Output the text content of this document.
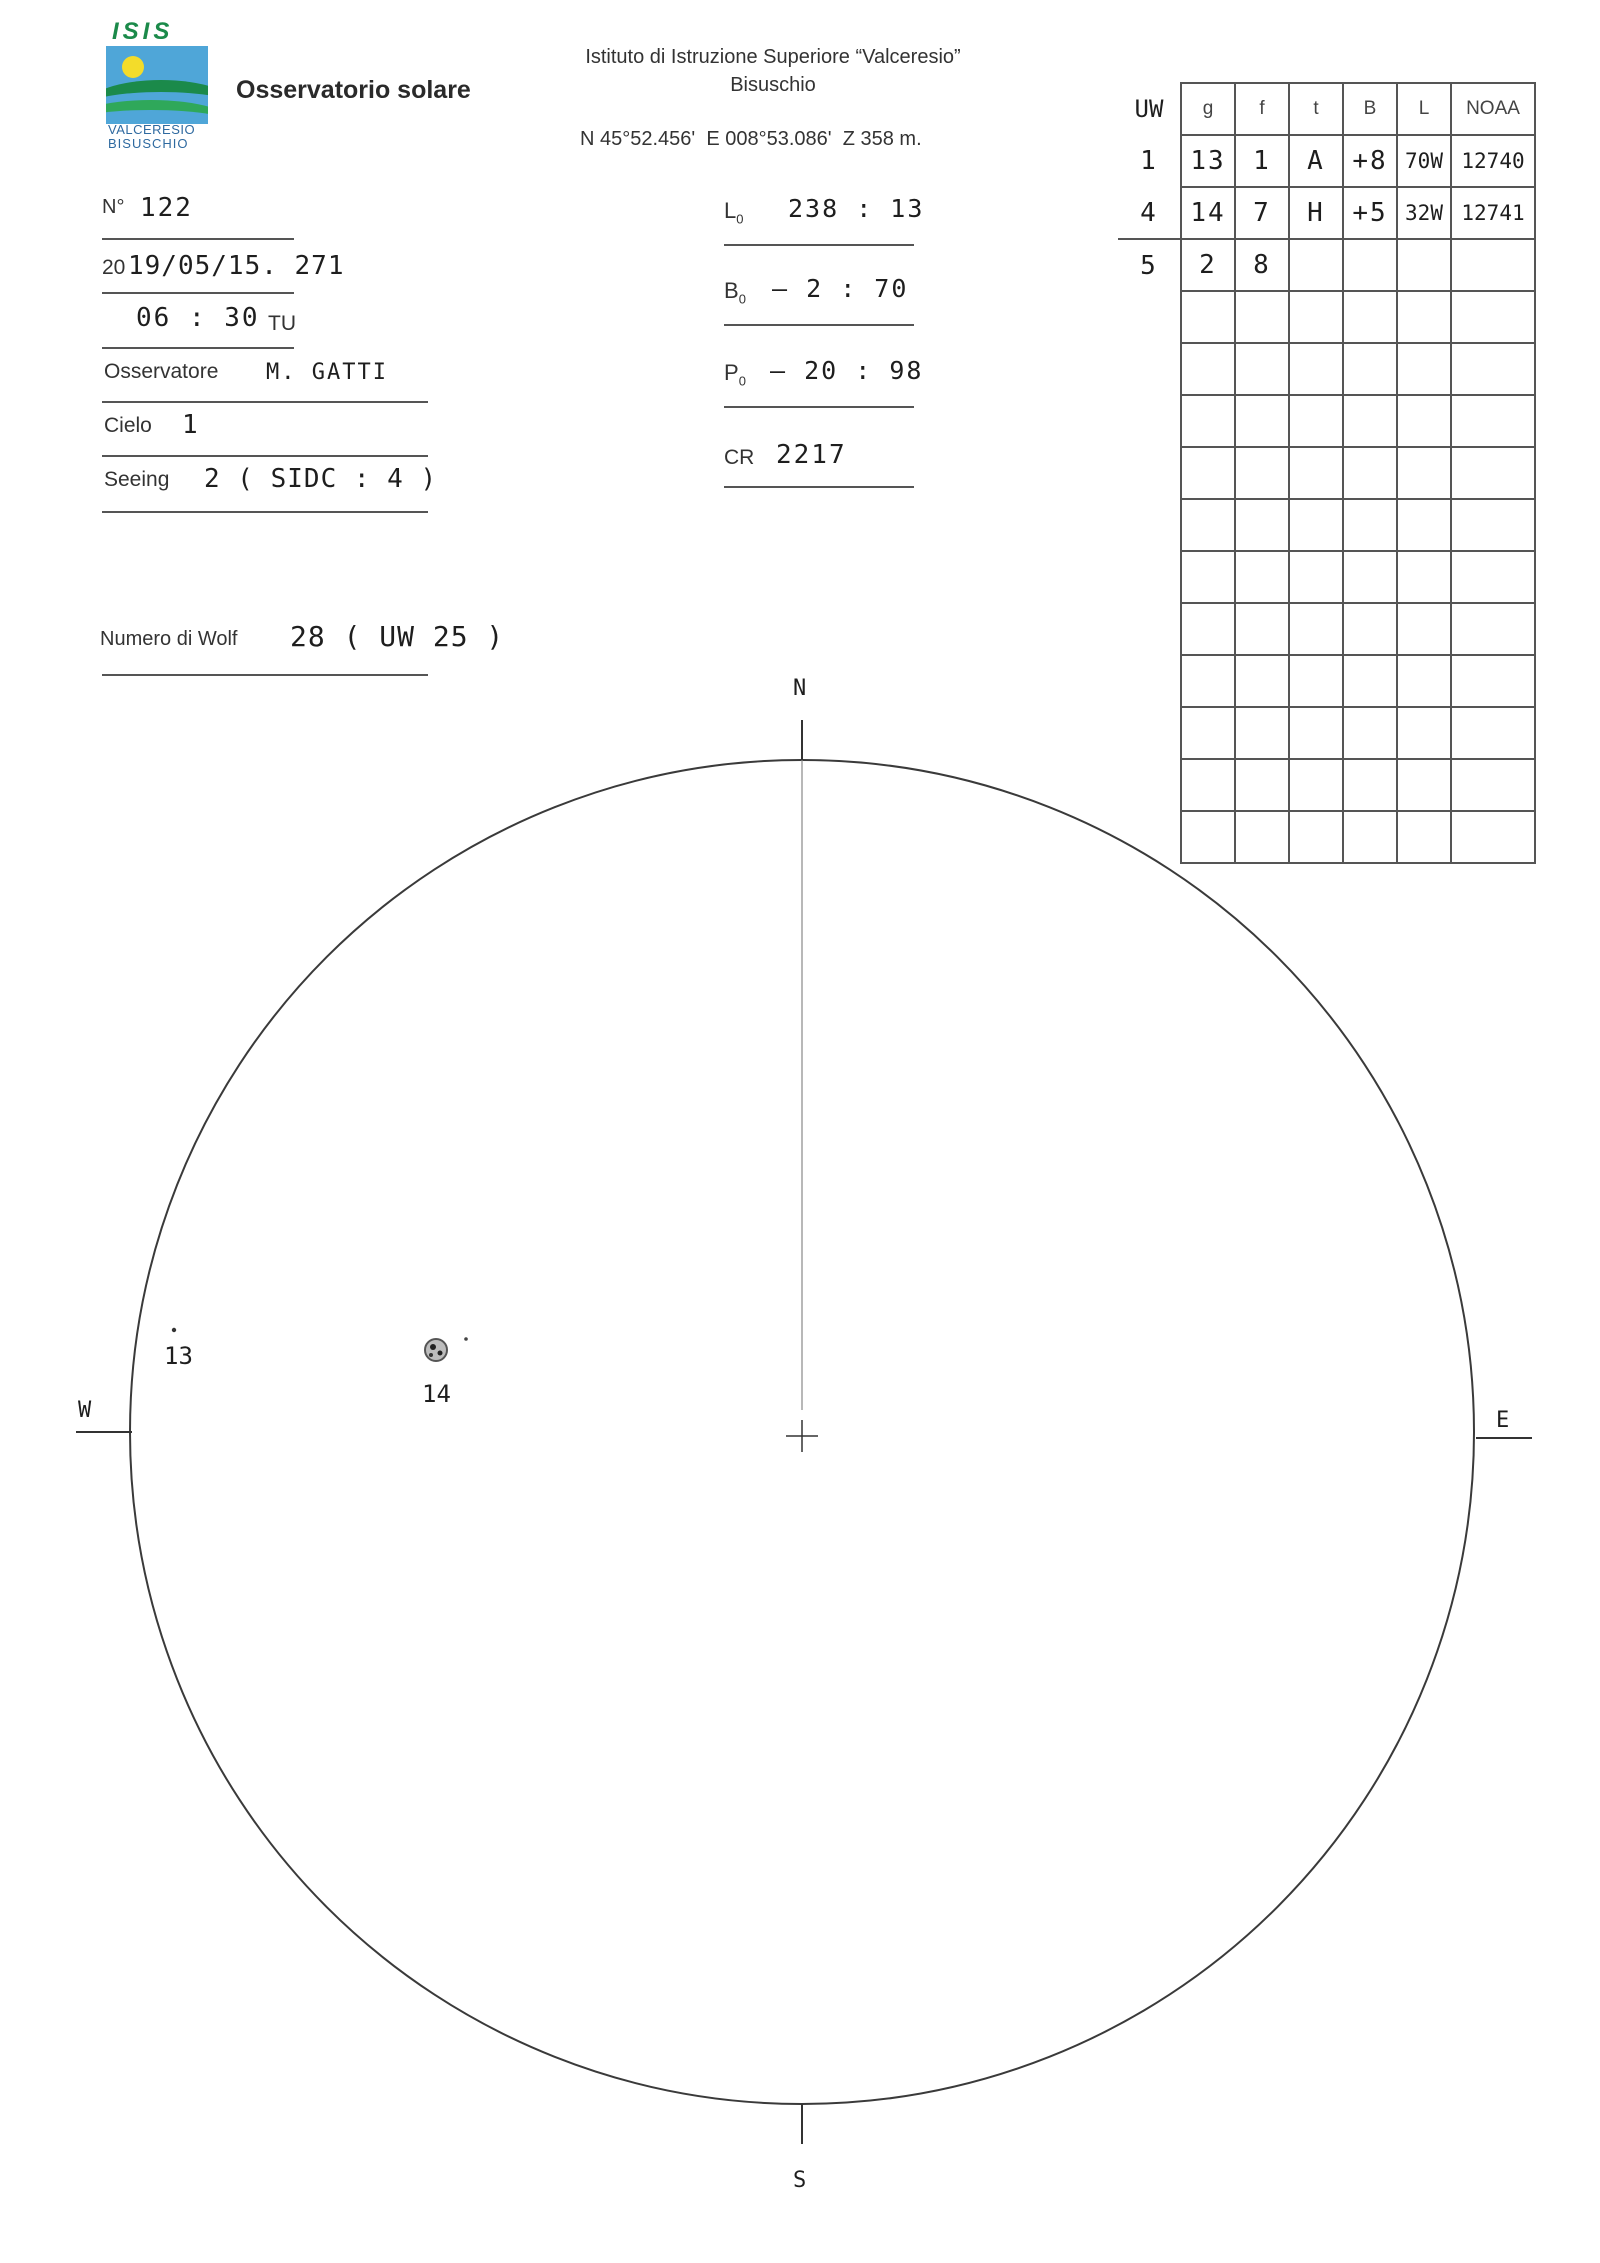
ISIS
VALCERESIO
BISUSCHIO
Osservatorio solare
Istituto di Istruzione Superiore “Valceresio”
Bisuschio
N 45°52.456'  E 008°53.086'  Z 358 m.
N° 122
20 19/05/15. 271
06 : 30 TU
Osservatore M. GATTI
Cielo 1
Seeing 2 ( SIDC : 4 )
Numero di Wolf 28 ( UW 25 )
$L_0$ 238 : 13
$B_0 - 2$ : 70
$P_0 - 20$ : 98
CR 2217
UW	g	f	t	B	L	NOAA
1	13	1	A	+8	70W	12740
4	14	7	H	+5	32W	12741
5	2	8				

N
S
W	E
13
14
